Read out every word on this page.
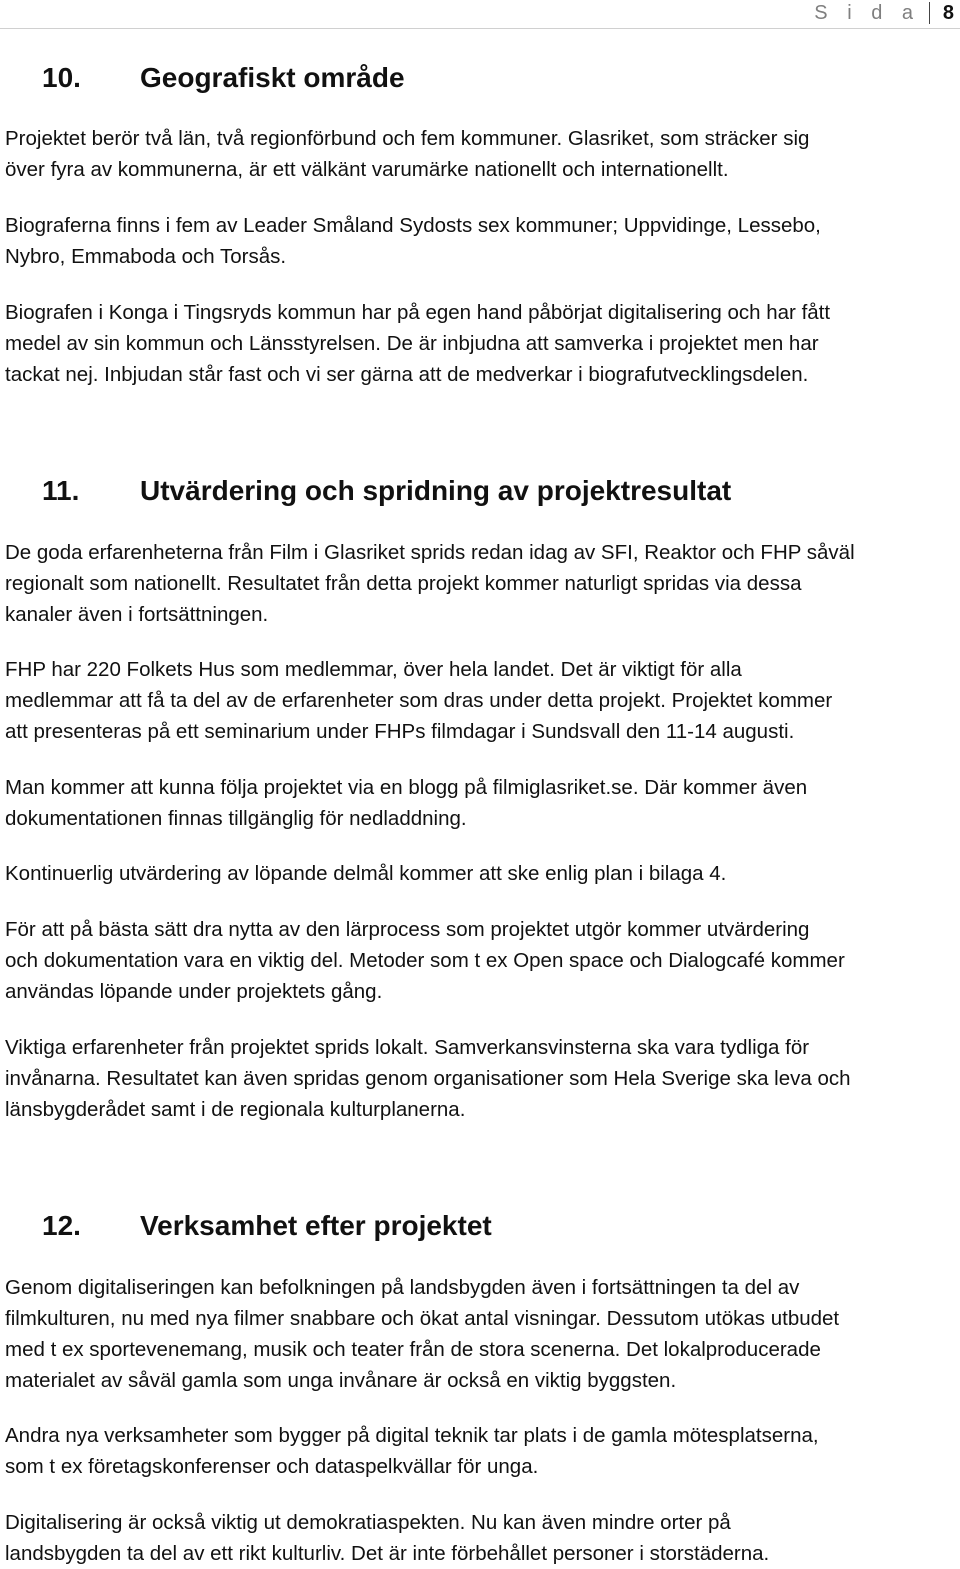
S i d a 8
10. Geografiskt område

Projektet berör två län, två regionförbund och fem kommuner. Glasriket, som sträcker sig
över fyra av kommunerna, är ett välkänt varumärke nationellt och internationellt.

Biograferna finns i fem av Leader Småland Sydosts sex kommuner; Uppvidinge, Lessebo,
Nybro, Emmaboda och Torsås.

Biografen i Konga i Tingsryds kommun har på egen hand påbörjat digitalisering och har fått
medel av sin kommun och Länsstyrelsen. De är inbjudna att samverka i projektet men har
tackat nej. Inbjudan står fast och vi ser gärna att de medverkar i biografutvecklingsdelen.

11. Utvärdering och spridning av projektresultat

De goda erfarenheterna från Film i Glasriket sprids redan idag av SFI, Reaktor och FHP såväl
regionalt som nationellt. Resultatet från detta projekt kommer naturligt spridas via dessa
kanaler även i fortsättningen.

FHP har 220 Folkets Hus som medlemmar, över hela landet. Det är viktigt för alla
medlemmar att få ta del av de erfarenheter som dras under detta projekt. Projektet kommer
att presenteras på ett seminarium under FHPs filmdagar i Sundsvall den 11-14 augusti.

Man kommer att kunna följa projektet via en blogg på filmiglasriket.se. Där kommer även
dokumentationen finnas tillgänglig för nedladdning.

Kontinuerlig utvärdering av löpande delmål kommer att ske enlig plan i bilaga 4.

För att på bästa sätt dra nytta av den lärprocess som projektet utgör kommer utvärdering
och dokumentation vara en viktig del. Metoder som t ex Open space och Dialogcafé kommer
användas löpande under projektets gång.

Viktiga erfarenheter från projektet sprids lokalt. Samverkansvinsterna ska vara tydliga för
invånarna. Resultatet kan även spridas genom organisationer som Hela Sverige ska leva och
länsbygderådet samt i de regionala kulturplanerna.

12. Verksamhet efter projektet

Genom digitaliseringen kan befolkningen på landsbygden även i fortsättningen ta del av
filmkulturen, nu med nya filmer snabbare och ökat antal visningar. Dessutom utökas utbudet
med t ex sportevenemang, musik och teater från de stora scenerna. Det lokalproducerade
materialet av såväl gamla som unga invånare är också en viktig byggsten.

Andra nya verksamheter som bygger på digital teknik tar plats i de gamla mötesplatserna,
som t ex företagskonferenser och dataspelkvällar för unga.

Digitalisering är också viktig ut demokratiaspekten. Nu kan även mindre orter på
landsbygden ta del av ett rikt kulturliv. Det är inte förbehållet personer i storstäderna.
